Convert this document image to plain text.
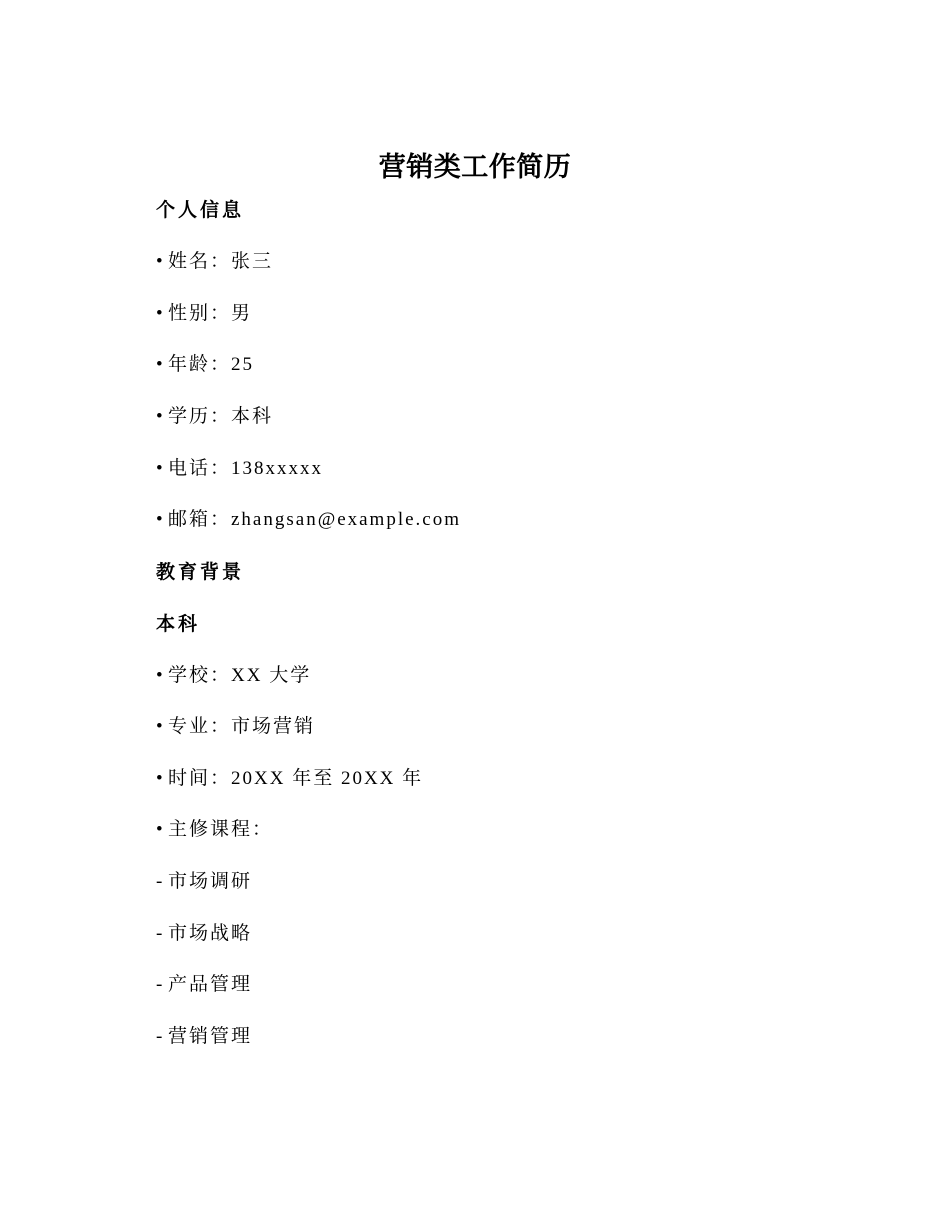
营销类工作简历
个人信息
• 姓名：张三
• 性别：男
• 年龄：25
• 学历：本科
• 电话：138xxxxx
• 邮箱：zhangsan@example.com
教育背景
本科
• 学校：XX 大学
• 专业：市场营销
• 时间：20XX 年至 20XX 年
• 主修课程：
- 市场调研
- 市场战略
- 产品管理
- 营销管理
